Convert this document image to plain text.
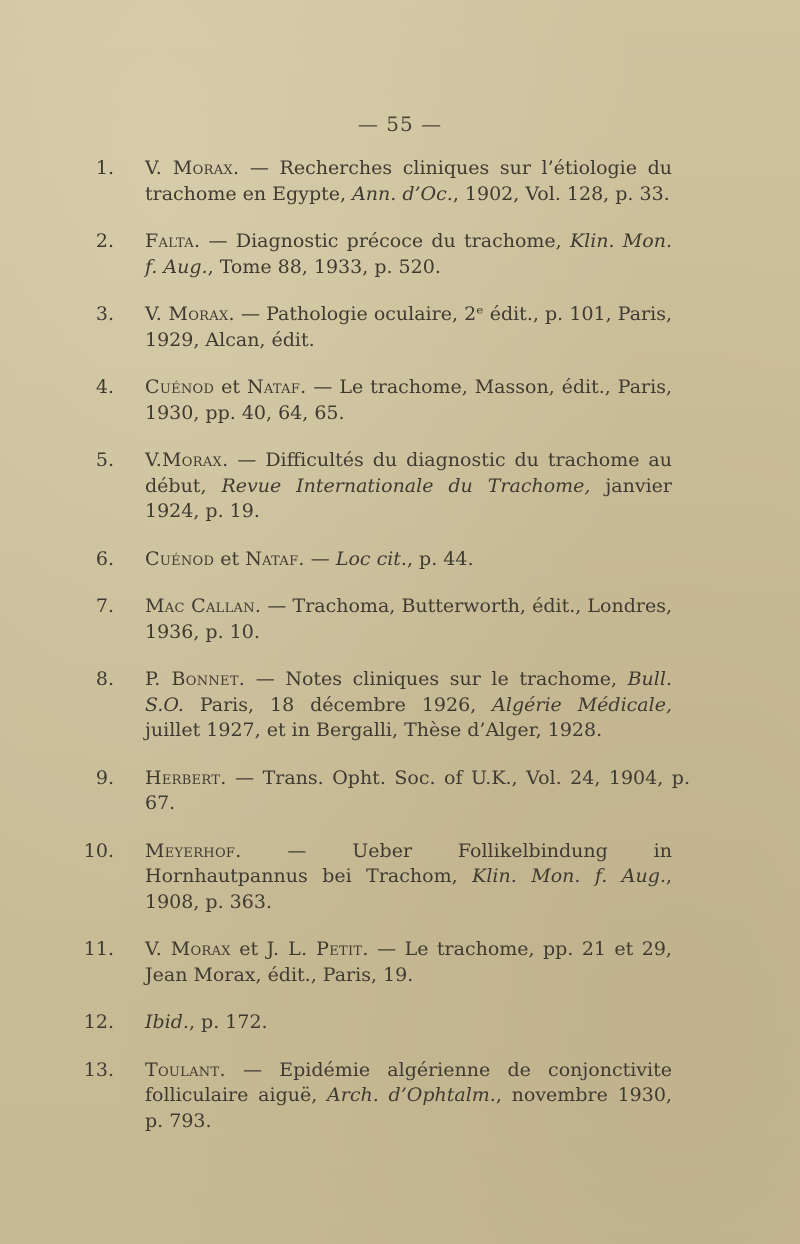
— 55 —
1. V. Morax. — Recherches cliniques sur l’étiologie du trachome en Egypte, Ann. d’Oc., 1902, Vol. 128, p. 33.
2. Falta. — Diagnostic précoce du trachome, Klin. Mon. f. Aug., Tome 88, 1933, p. 520.
3. V. Morax. — Pathologie oculaire, 2ᵉ édit., p. 101, Paris, 1929, Alcan, édit.
4. Cuénod et Nataf. — Le trachome, Masson, édit., Paris, 1930, pp. 40, 64, 65.
5. V.Morax. — Difficultés du diagnostic du trachome au début, Revue Internationale du Trachome, janvier 1924, p. 19.
6. Cuénod et Nataf. — Loc cit., p. 44.
7. Mac Callan. — Trachoma, Butterworth, édit., Londres, 1936, p. 10.
8. P. Bonnet. — Notes cliniques sur le trachome, Bull. S.O. Paris, 18 décembre 1926, Algérie Médicale, juillet 1927, et in Bergalli, Thèse d’Alger, 1928.
9. Herbert. — Trans. Opht. Soc. of U.K., Vol. 24, 1904, p. 67.
10. Meyerhof. — Ueber Follikelbindung in Hornhautpannus bei Trachom, Klin. Mon. f. Aug., 1908, p. 363.
11. V. Morax et J. L. Petit. — Le trachome, pp. 21 et 29, Jean Morax, édit., Paris, 19.
12. Ibid., p. 172.
13. Toulant. — Epidémie algérienne de conjonctivite folliculaire aiguë, Arch. d’Ophtalm., novembre 1930, p. 793.
